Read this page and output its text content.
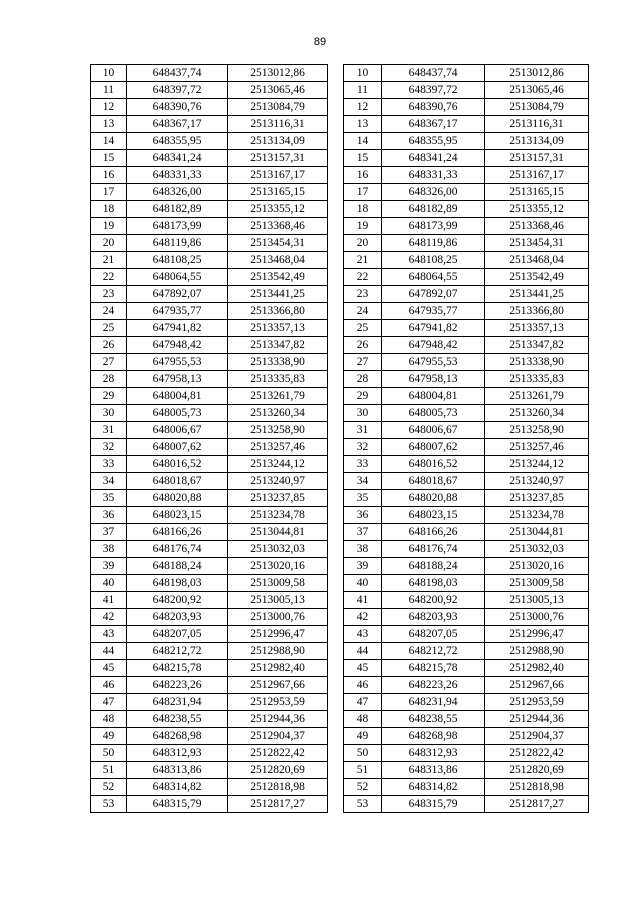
89
10	648437,74	2513012,86
11	648397,72	2513065,46
12	648390,76	2513084,79
13	648367,17	2513116,31
14	648355,95	2513134,09
15	648341,24	2513157,31
16	648331,33	2513167,17
17	648326,00	2513165,15
18	648182,89	2513355,12
19	648173,99	2513368,46
20	648119,86	2513454,31
21	648108,25	2513468,04
22	648064,55	2513542,49
23	647892,07	2513441,25
24	647935,77	2513366,80
25	647941,82	2513357,13
26	647948,42	2513347,82
27	647955,53	2513338,90
28	647958,13	2513335,83
29	648004,81	2513261,79
30	648005,73	2513260,34
31	648006,67	2513258,90
32	648007,62	2513257,46
33	648016,52	2513244,12
34	648018,67	2513240,97
35	648020,88	2513237,85
36	648023,15	2513234,78
37	648166,26	2513044,81
38	648176,74	2513032,03
39	648188,24	2513020,16
40	648198,03	2513009,58
41	648200,92	2513005,13
42	648203,93	2513000,76
43	648207,05	2512996,47
44	648212,72	2512988,90
45	648215,78	2512982,40
46	648223,26	2512967,66
47	648231,94	2512953,59
48	648238,55	2512944,36
49	648268,98	2512904,37
50	648312,93	2512822,42
51	648313,86	2512820,69
52	648314,82	2512818,98
53	648315,79	2512817,27
10	648437,74	2513012,86
11	648397,72	2513065,46
12	648390,76	2513084,79
13	648367,17	2513116,31
14	648355,95	2513134,09
15	648341,24	2513157,31
16	648331,33	2513167,17
17	648326,00	2513165,15
18	648182,89	2513355,12
19	648173,99	2513368,46
20	648119,86	2513454,31
21	648108,25	2513468,04
22	648064,55	2513542,49
23	647892,07	2513441,25
24	647935,77	2513366,80
25	647941,82	2513357,13
26	647948,42	2513347,82
27	647955,53	2513338,90
28	647958,13	2513335,83
29	648004,81	2513261,79
30	648005,73	2513260,34
31	648006,67	2513258,90
32	648007,62	2513257,46
33	648016,52	2513244,12
34	648018,67	2513240,97
35	648020,88	2513237,85
36	648023,15	2513234,78
37	648166,26	2513044,81
38	648176,74	2513032,03
39	648188,24	2513020,16
40	648198,03	2513009,58
41	648200,92	2513005,13
42	648203,93	2513000,76
43	648207,05	2512996,47
44	648212,72	2512988,90
45	648215,78	2512982,40
46	648223,26	2512967,66
47	648231,94	2512953,59
48	648238,55	2512944,36
49	648268,98	2512904,37
50	648312,93	2512822,42
51	648313,86	2512820,69
52	648314,82	2512818,98
53	648315,79	2512817,27
